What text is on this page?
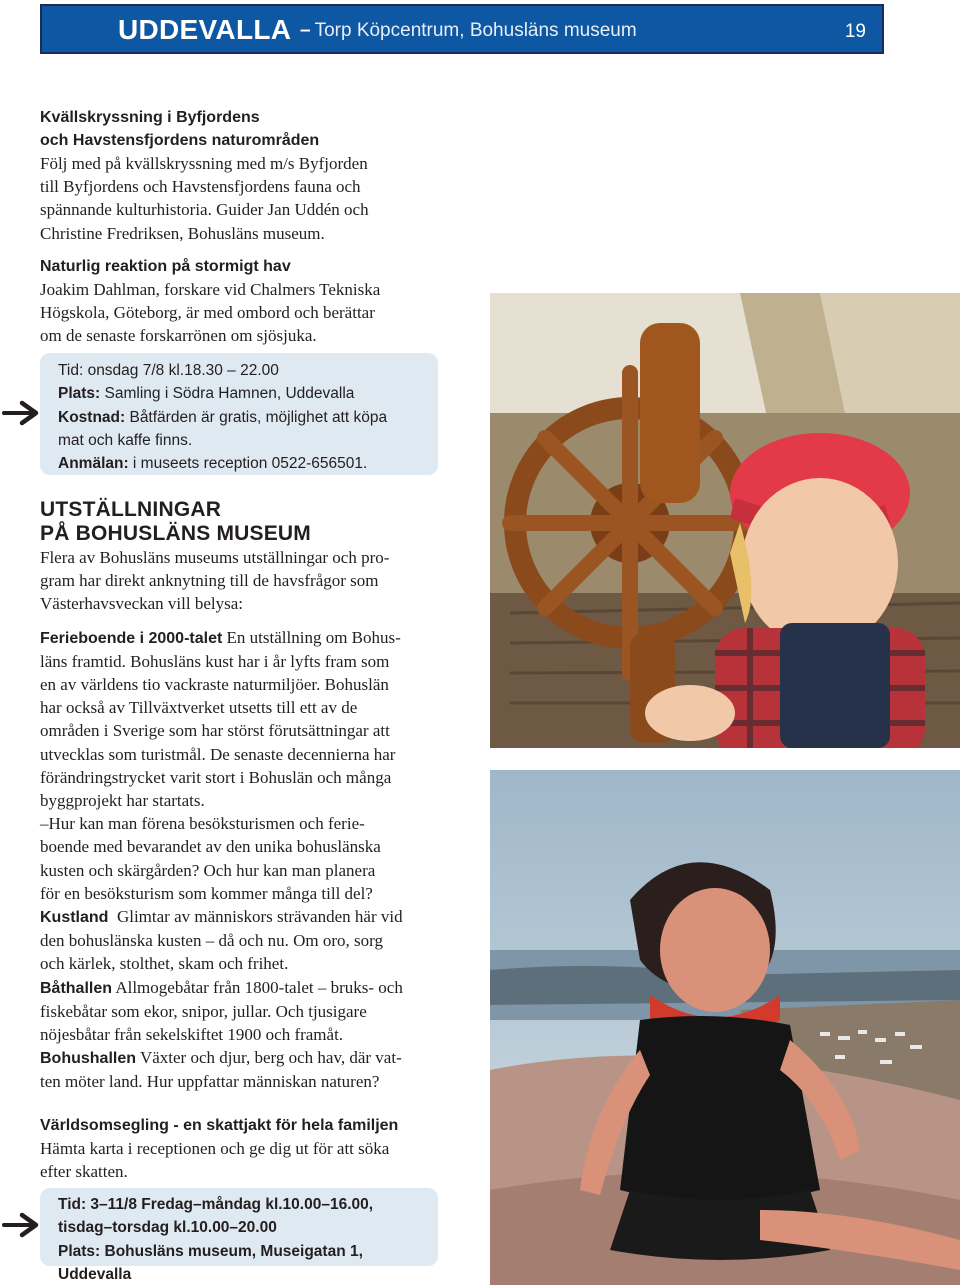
UDDEVALLA – Torp Köpcentrum, Bohusläns museum	19
Kvällskryssning i Byfjordens
och Havstensfjordens naturområden
Följ med på kvällskryssning med m/s Byfjorden
till Byfjordens och Havstensfjordens fauna och
spännande kulturhistoria. Guider Jan Uddén och
Christine Fredriksen, Bohusläns museum.
Naturlig reaktion på stormigt hav
Joakim Dahlman, forskare vid Chalmers Tekniska
Högskola, Göteborg, är med ombord och berättar
om de senaste forskarrönen om sjösjuka.
Tid: onsdag 7/8 kl.18.30 – 22.00
Plats: Samling i Södra Hamnen, Uddevalla
Kostnad: Båtfärden är gratis, möjlighet att köpa
mat och kaffe finns.
Anmälan: i museets reception 0522-656501.
UTSTÄLLNINGAR
PÅ BOHUSLÄNS MUSEUM
Flera av Bohusläns museums utställningar och pro-
gram har direkt anknytning till de havsfrågor som
Västerhavsveckan vill belysa:
Ferieboende i 2000-talet En utställning om Bohus-
läns framtid. Bohusläns kust har i år lyfts fram som
en av världens tio vackraste naturmiljöer. Bohuslän
har också av Tillväxtverket utsetts till ett av de
områden i Sverige som har störst förutsättningar att
utvecklas som turistmål. De senaste decennierna har
förändringstrycket varit stort i Bohuslän och många
byggprojekt har startats.
–Hur kan man förena besöksturismen och ferie-
boende med bevarandet av den unika bohuslänska
kusten och skärgården? Och hur kan man planera
för en besöksturism som kommer många till del?
Kustland  Glimtar av människors strävanden här vid
den bohuslänska kusten – då och nu. Om oro, sorg
och kärlek, stolthet, skam och frihet.
Båthallen Allmogebåtar från 1800-talet – bruks- och
fiskebåtar som ekor, snipor, jullar. Och tjusigare
nöjesbåtar från sekelskiftet 1900 och framåt.
Bohushallen Växter och djur, berg och hav, där vat-
ten möter land. Hur uppfattar människan naturen?
Världsomsegling - en skattjakt för hela familjen
Hämta karta i receptionen och ge dig ut för att söka
efter skatten.
Tid: 3–11/8 Fredag–måndag kl.10.00–16.00,
tisdag–torsdag kl.10.00–20.00
Plats: Bohusläns museum, Museigatan 1, Uddevalla
